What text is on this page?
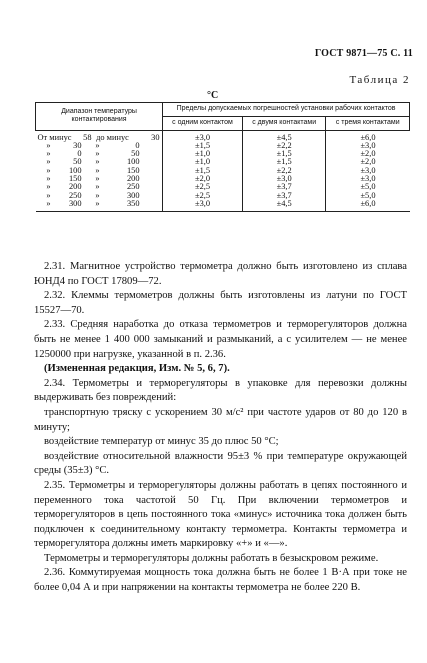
ГОСТ 9871—75 С. 11
Таблица 2
°С
Диапазон температуры контактирования	Пределы допускаемых погрешностей установки рабочих контактов		
	с одним контактом	с двумя контактами	с тремя контактами
От минус 58 до минус 30	±3,0	±4,5	±6,0
» 30 » 0	±1,5	±2,2	±3,0
» 0 » 50	±1,0	±1,5	±2,0
» 50 » 100	±1,0	±1,5	±2,0
» 100 » 150	±1,5	±2,2	±3,0
» 150 » 200	±2,0	±3,0	±3,0
» 200 » 250	±2,5	±3,7	±5,0
» 250 » 300	±2,5	±3,7	±5,0
» 300 » 350	±3,0	±4,5	±6,0

2.31. Магнитное устройство термометра должно быть изготовлено из сплава ЮНД4 по ГОСТ 17809—72.

2.32. Клеммы термометров должны быть изготовлены из латуни по ГОСТ 15527—70.

2.33. Средняя наработка до отказа термометров и терморегуляторов должна быть не менее 1 400 000 замыканий и размыканий, а с усилителем — не менее 1250000 при нагрузке, указанной в п. 2.36.

(Измененная редакция, Изм. № 5, 6, 7).

2.34. Термометры и терморегуляторы в упаковке для перевозки должны выдерживать без повреждений:

транспортную тряску с ускорением 30 м/с² при частоте ударов от 80 до 120 в минуту;

воздействие температур от минус 35 до плюс 50 °С;

воздействие относительной влажности 95±3 % при температуре окружающей среды (35±3) °С.

2.35. Термометры и терморегуляторы должны работать в цепях постоянного и переменного тока частотой 50 Гц. При включении термометров и терморегуляторов в цепь постоянного тока «минус» источника тока должен быть подключен к соединительному контакту термометра. Контакты термометра и терморегулятора должны иметь маркировку «+» и «—».

Термометры и терморегуляторы должны работать в безыскровом режиме.

2.36. Коммутируемая мощность тока должна быть не более 1 В·А при токе не более 0,04 А и при напряжении на контакты термометра не более 220 В.
